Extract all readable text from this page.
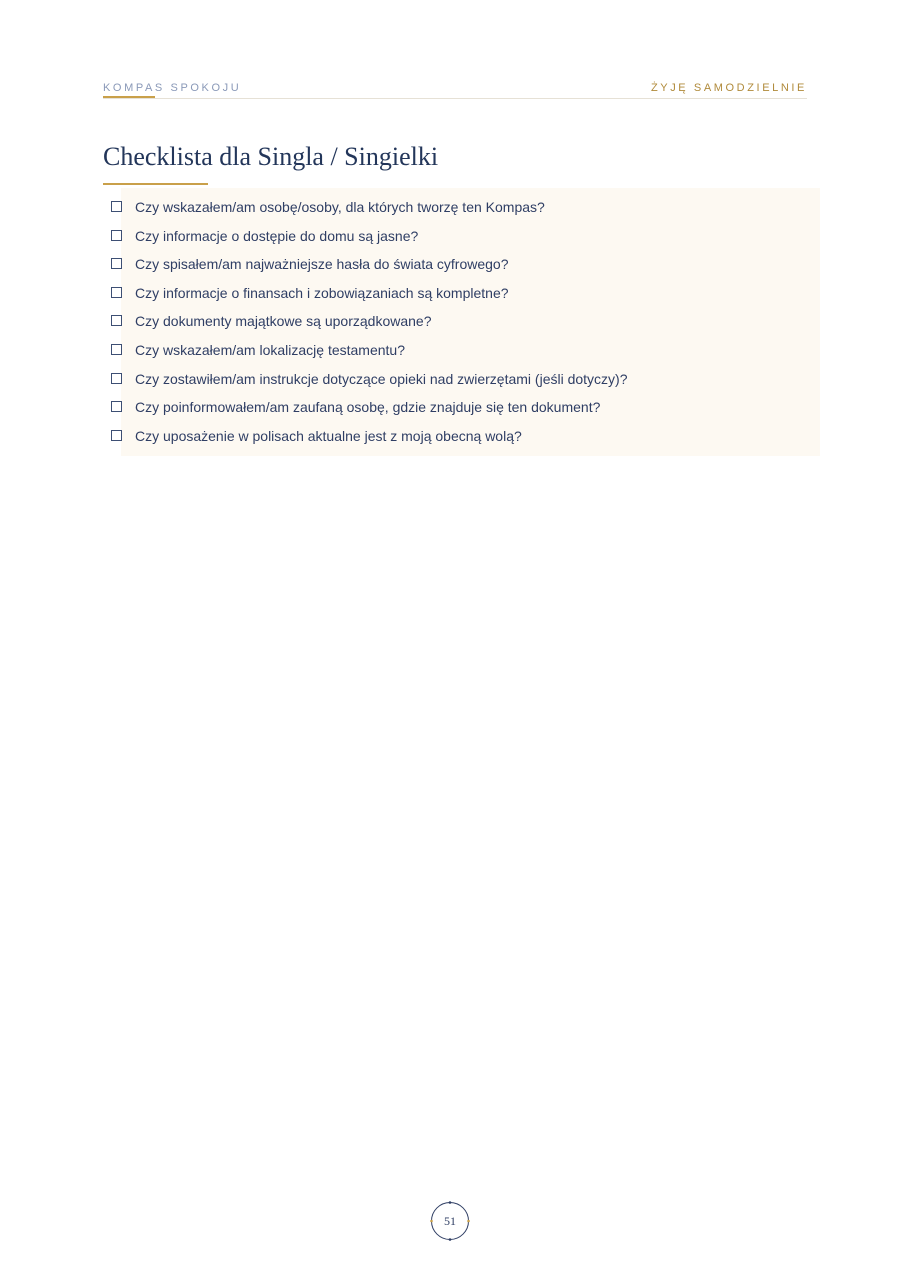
KOMPAS SPOKOJU	ŻYJĘ SAMODZIELNIE
Checklista dla Singla / Singielki
Czy wskazałem/am osobę/osoby, dla których tworzę ten Kompas?
Czy informacje o dostępie do domu są jasne?
Czy spisałem/am najważniejsze hasła do świata cyfrowego?
Czy informacje o finansach i zobowiązaniach są kompletne?
Czy dokumenty majątkowe są uporządkowane?
Czy wskazałem/am lokalizację testamentu?
Czy zostawiłem/am instrukcje dotyczące opieki nad zwierzętami (jeśli dotyczy)?
Czy poinformowałem/am zaufaną osobę, gdzie znajduje się ten dokument?
Czy uposażenie w polisach aktualne jest z moją obecną wolą?
51
